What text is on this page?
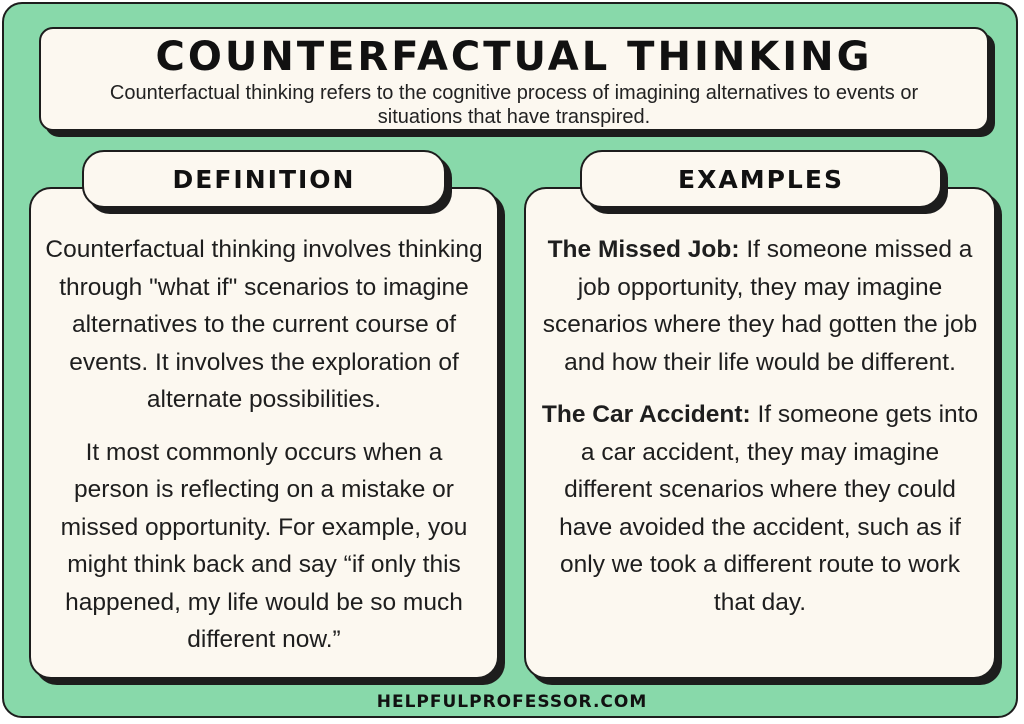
COUNTERFACTUAL THINKING

Counterfactual thinking refers to the cognitive process of imagining alternatives to events or situations that have transpired.

Counterfactual thinking involves thinking through "what if" scenarios to imagine alternatives to the current course of events. It involves the exploration of alternate possibilities.

It most commonly occurs when a person is reflecting on a mistake or missed opportunity. For example, you might think back and say “if only this happened, my life would be so much different now.”

DEFINITION

The Missed Job: If someone missed a job opportunity, they may imagine scenarios where they had gotten the job and how their life would be different.

The Car Accident: If someone gets into a car accident, they may imagine different scenarios where they could have avoided the accident, such as if only we took a different route to work that day.

EXAMPLES
HELPFULPROFESSOR.COM
